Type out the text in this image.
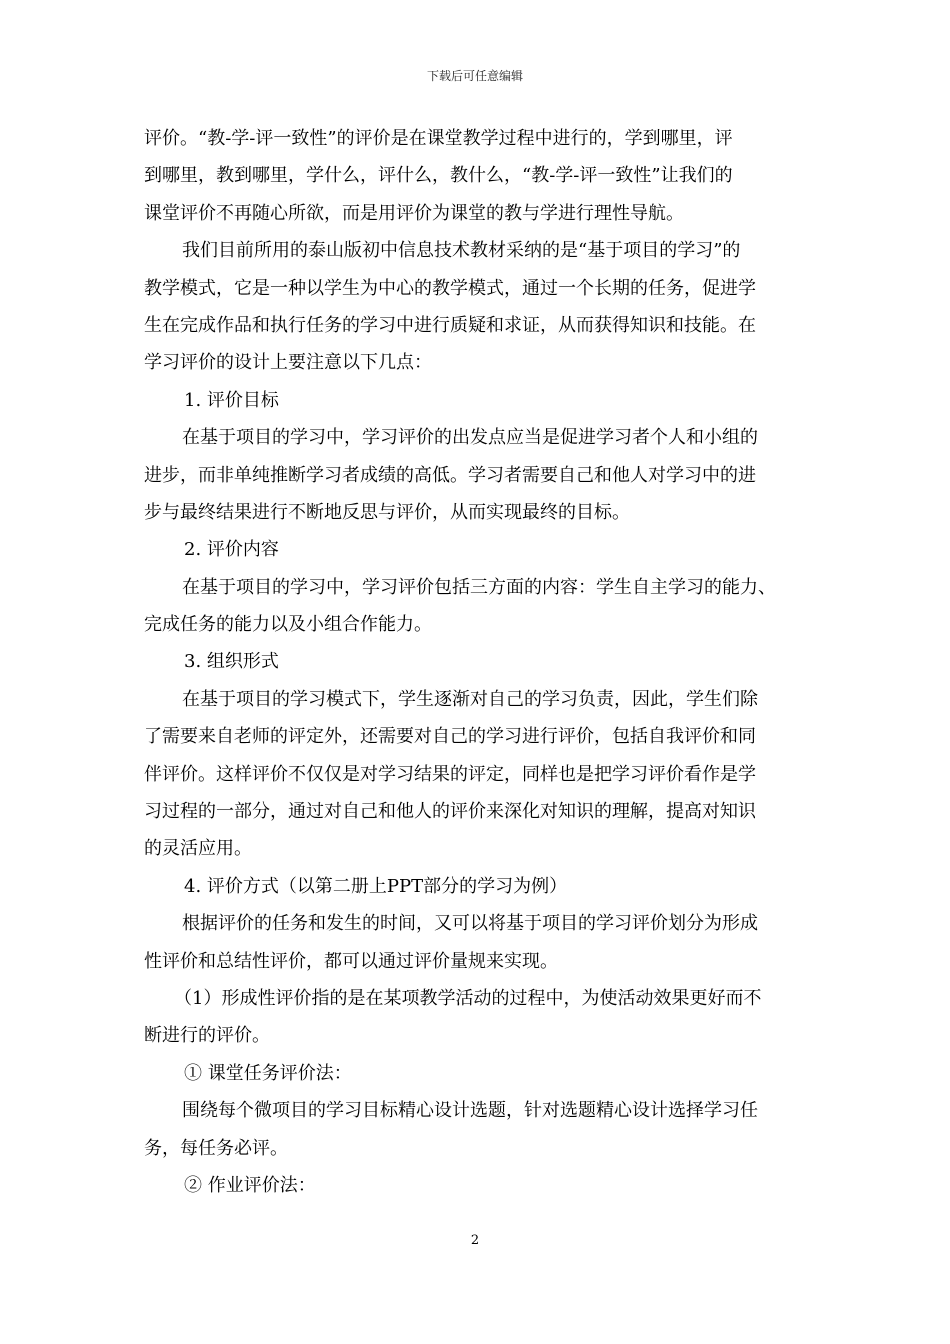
下载后可任意编辑
评价。“教-学-评一致性”的评价是在课堂教学过程中进行的，学到哪里，评
到哪里，教到哪里，学什么，评什么，教什么，“教-学-评一致性”让我们的
课堂评价不再随心所欲，而是用评价为课堂的教与学进行理性导航。
我们目前所用的泰山版初中信息技术教材采纳的是“基于项目的学习”的
教学模式，它是一种以学生为中心的教学模式，通过一个长期的任务，促进学
生在完成作品和执行任务的学习中进行质疑和求证，从而获得知识和技能。在
学习评价的设计上要注意以下几点：
1. 评价目标
在基于项目的学习中，学习评价的出发点应当是促进学习者个人和小组的
进步，而非单纯推断学习者成绩的高低。学习者需要自己和他人对学习中的进
步与最终结果进行不断地反思与评价，从而实现最终的目标。
2. 评价内容
在基于项目的学习中，学习评价包括三方面的内容：学生自主学习的能力、
完成任务的能力以及小组合作能力。
3. 组织形式
在基于项目的学习模式下，学生逐渐对自己的学习负责，因此，学生们除
了需要来自老师的评定外，还需要对自己的学习进行评价，包括自我评价和同
伴评价。这样评价不仅仅是对学习结果的评定，同样也是把学习评价看作是学
习过程的一部分，通过对自己和他人的评价来深化对知识的理解，提高对知识
的灵活应用。
4. 评价方式（以第二册上PPT部分的学习为例）
根据评价的任务和发生的时间，又可以将基于项目的学习评价划分为形成
性评价和总结性评价，都可以通过评价量规来实现。
（1）形成性评价指的是在某项教学活动的过程中，为使活动效果更好而不
断进行的评价。
① 课堂任务评价法：
围绕每个微项目的学习目标精心设计选题，针对选题精心设计选择学习任
务，每任务必评。
② 作业评价法：
2
